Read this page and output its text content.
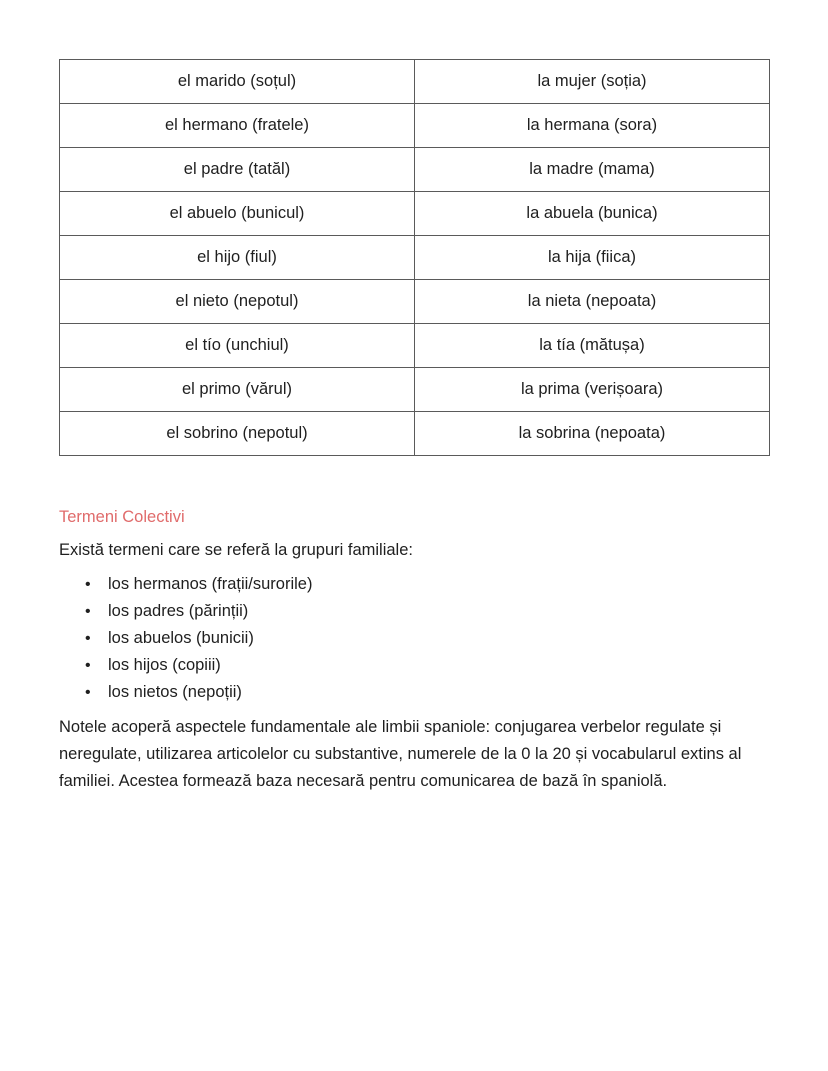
el marido (soțul)	la mujer (soția)
el hermano (fratele)	la hermana (sora)
el padre (tatăl)	la madre (mama)
el abuelo (bunicul)	la abuela (bunica)
el hijo (fiul)	la hija (fiica)
el nieto (nepotul)	la nieta (nepoata)
el tío (unchiul)	la tía (mătușa)
el primo (vărul)	la prima (verișoara)
el sobrino (nepotul)	la sobrina (nepoata)
Termeni Colectivi
Există termeni care se referă la grupuri familiale:
• los hermanos (frații/surorile)
• los padres (părinții)
• los abuelos (bunicii)
• los hijos (copiii)
• los nietos (nepoții)

Notele acoperă aspectele fundamentale ale limbii spaniole: conjugarea verbelor regulate și neregulate, utilizarea articolelor cu substantive, numerele de la 0 la 20 și vocabularul extins al familiei. Acestea formează baza necesară pentru comunicarea de bază în spaniolă.
